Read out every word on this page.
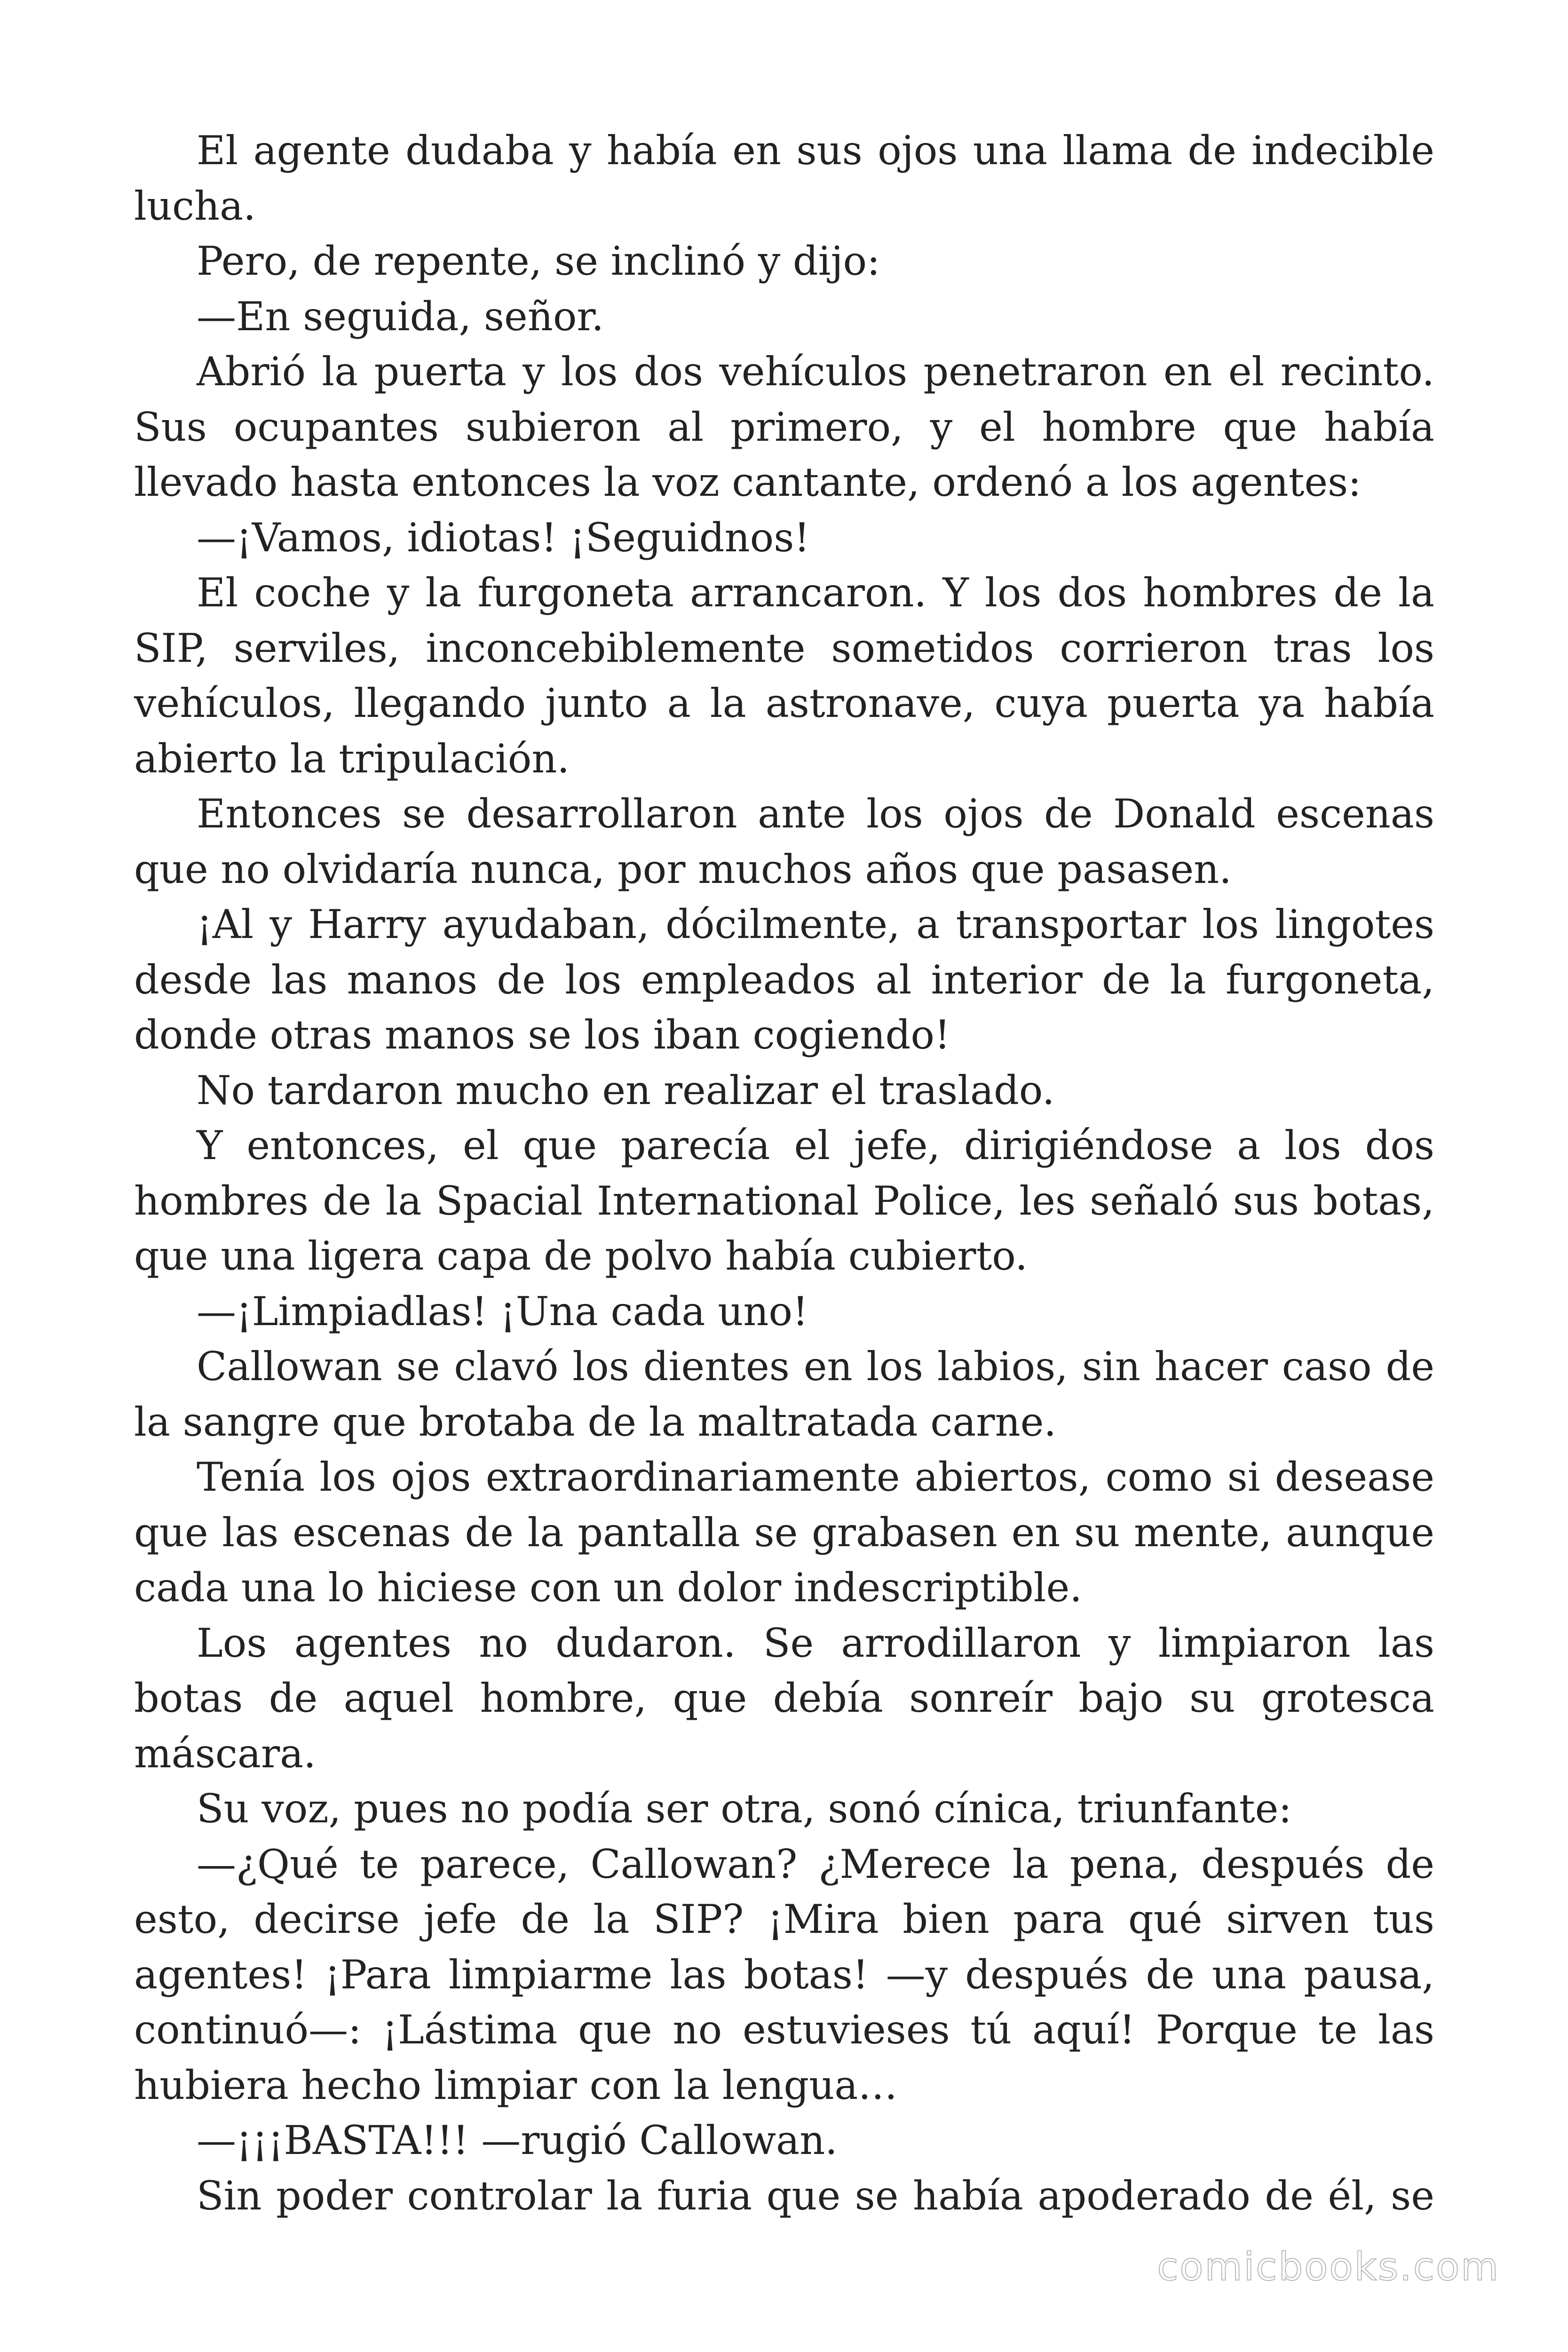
El agente dudaba y había en sus ojos una llama de indecible lucha.

Pero, de repente, se inclinó y dijo:

—En seguida, señor.

Abrió la puerta y los dos vehículos penetraron en el recinto. Sus ocupantes subieron al primero, y el hombre que había llevado hasta entonces la voz cantante, ordenó a los agentes:

—¡Vamos, idiotas! ¡Seguidnos!

El coche y la furgoneta arrancaron. Y los dos hombres de la SIP, serviles, inconcebiblemente sometidos corrieron tras los vehículos, llegando junto a la astronave, cuya puerta ya había abierto la tripulación.

Entonces se desarrollaron ante los ojos de Donald escenas que no olvidaría nunca, por muchos años que pasasen.

¡Al y Harry ayudaban, dócilmente, a transportar los lingotes desde las manos de los empleados al interior de la furgoneta, donde otras manos se los iban cogiendo!

No tardaron mucho en realizar el traslado.

Y entonces, el que parecía el jefe, dirigiéndose a los dos hombres de la Spacial International Police, les señaló sus botas, que una ligera capa de polvo había cubierto.

—¡Limpiadlas! ¡Una cada uno!

Callowan se clavó los dientes en los labios, sin hacer caso de la sangre que brotaba de la maltratada carne.

Tenía los ojos extraordinariamente abiertos, como si desease que las escenas de la pantalla se grabasen en su mente, aunque cada una lo hiciese con un dolor indescriptible.

Los agentes no dudaron. Se arrodillaron y limpiaron las botas de aquel hombre, que debía sonreír bajo su grotesca máscara.

Su voz, pues no podía ser otra, sonó cínica, triunfante:

—¿Qué te parece, Callowan? ¿Merece la pena, después de esto, decirse jefe de la SIP? ¡Mira bien para qué sirven tus agentes! ¡Para limpiarme las botas! —y después de una pausa, continuó—: ¡Lástima que no estuvieses tú aquí! Porque te las hubiera hecho limpiar con la lengua…

—¡¡¡BASTA!!! —rugió Callowan.

Sin poder controlar la furia que se había apoderado de él, se

comicbooks.com
